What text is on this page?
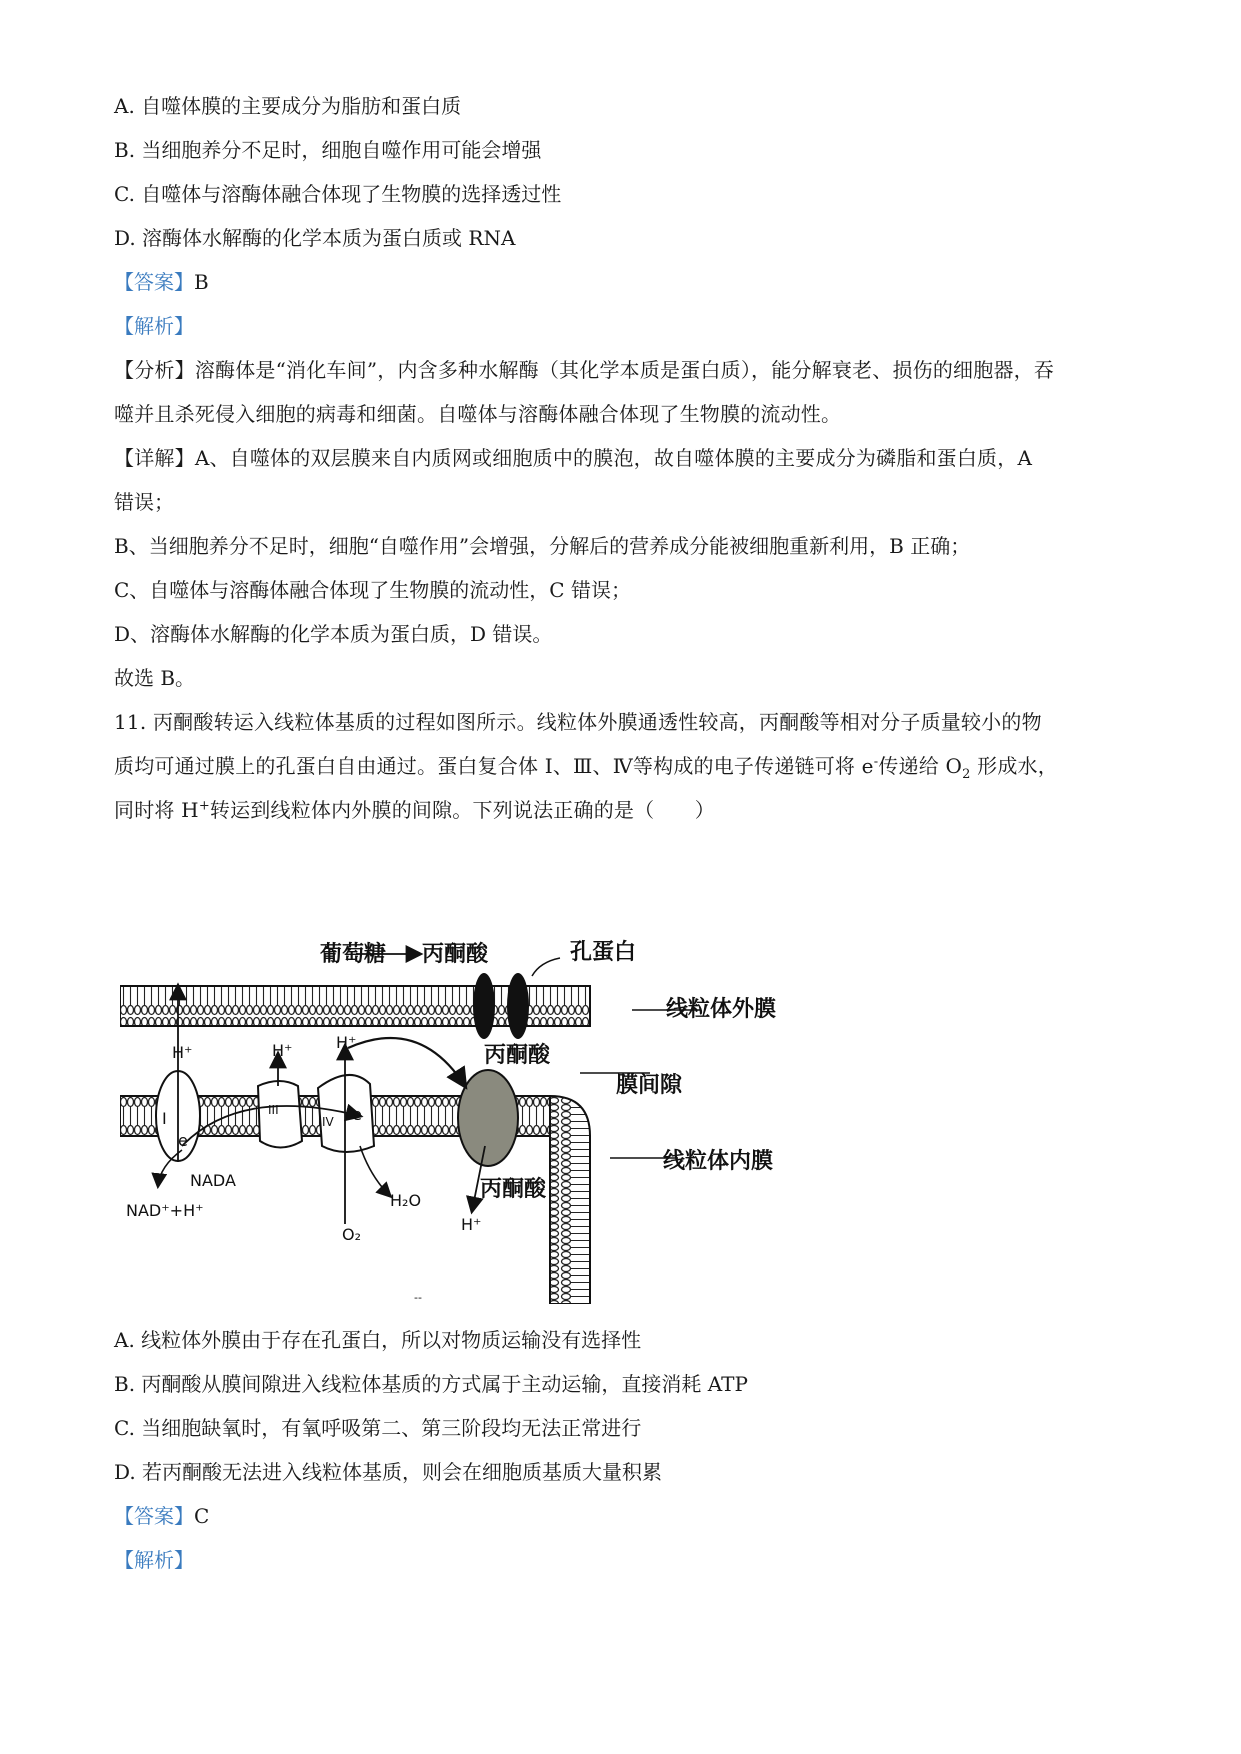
A. 自噬体膜的主要成分为脂肪和蛋白质
B. 当细胞养分不足时，细胞自噬作用可能会增强
C. 自噬体与溶酶体融合体现了生物膜的选择透过性
D. 溶酶体水解酶的化学本质为蛋白质或 RNA
【答案】B
【解析】
【分析】溶酶体是“消化车间”，内含多种水解酶（其化学本质是蛋白质），能分解衰老、损伤的细胞器，吞
噬并且杀死侵入细胞的病毒和细菌。自噬体与溶酶体融合体现了生物膜的流动性。
【详解】A、自噬体的双层膜来自内质网或细胞质中的膜泡，故自噬体膜的主要成分为磷脂和蛋白质，A
错误；
B、当细胞养分不足时，细胞“自噬作用”会增强，分解后的营养成分能被细胞重新利用，B 正确；
C、自噬体与溶酶体融合体现了生物膜的流动性，C 错误；
D、溶酶体水解酶的化学本质为蛋白质，D 错误。
故选 B。
11. 丙酮酸转运入线粒体基质的过程如图所示。线粒体外膜通透性较高，丙酮酸等相对分子质量较小的物
质均可通过膜上的孔蛋白自由通过。蛋白复合体 I、Ⅲ、Ⅳ等构成的电子传递链可将 e-传递给 $O_2$ 形成水，
同时将 H+转运到线粒体内外膜的间隙。下列说法正确的是（　　）
葡萄糖 丙酮酸	孔蛋白
线粒体外膜
丙酮酸
膜间隙
线粒体内膜
丙酮酸
H⁺	H⁺	H⁺
H⁺
I	III
IV
e
e
NADA
NAD⁺+H⁺
O₂
H₂O
--
A. 线粒体外膜由于存在孔蛋白，所以对物质运输没有选择性
B. 丙酮酸从膜间隙进入线粒体基质的方式属于主动运输，直接消耗 ATP
C. 当细胞缺氧时，有氧呼吸第二、第三阶段均无法正常进行
D. 若丙酮酸无法进入线粒体基质，则会在细胞质基质大量积累
【答案】C
【解析】
